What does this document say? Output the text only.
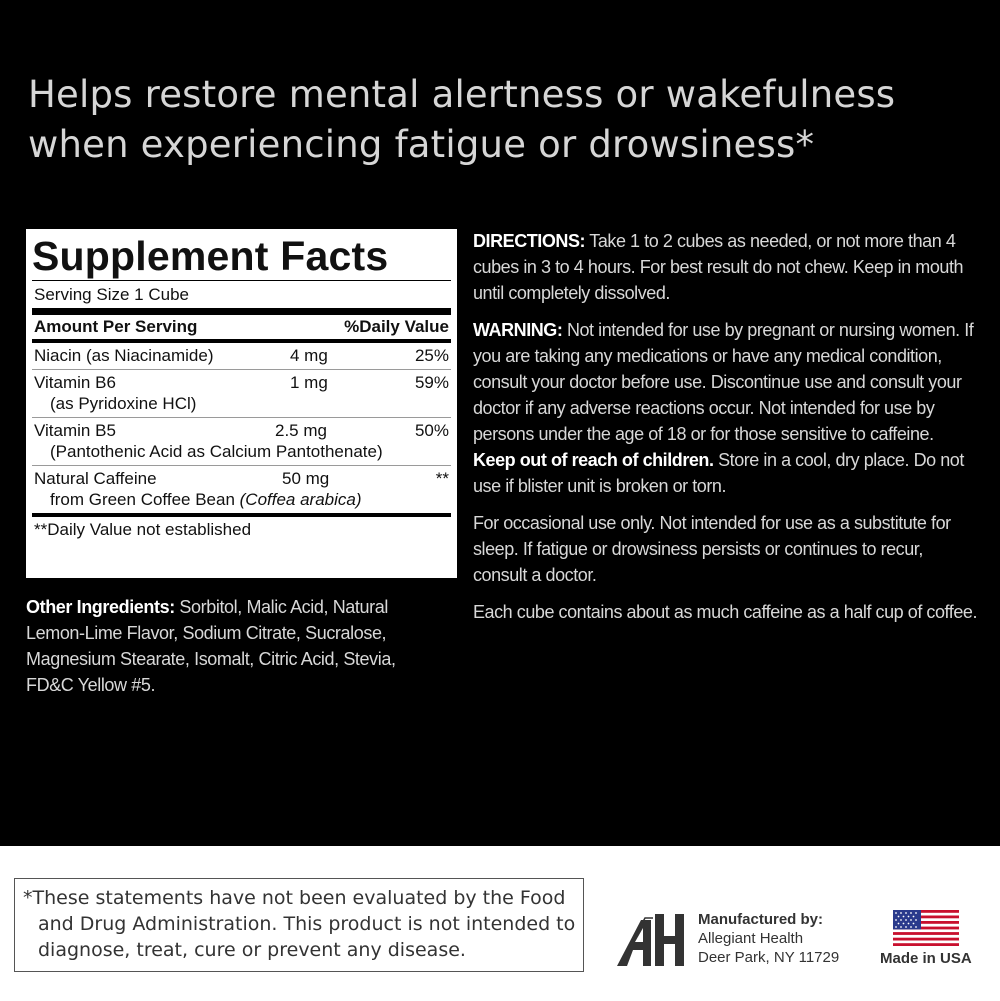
Helps restore mental alertness or wakefulness
when experiencing fatigue or drowsiness*
Supplement Facts
Serving Size 1 Cube
Amount Per Serving	%Daily Value
Niacin (as Niacinamide)	4 mg	25%
Vitamin B6
(as Pyridoxine HCl)
1 mg	59%
Vitamin B5
(Pantothenic Acid as Calcium Pantothenate)
2.5 mg	50%
Natural Caffeine
from Green Coffee Bean (Coffea arabica)
50 mg	**
**Daily Value not established
Other Ingredients: Sorbitol, Malic Acid, Natural Lemon-Lime Flavor, Sodium Citrate, Sucralose, Magnesium Stearate, Isomalt, Citric Acid, Stevia, FD&C Yellow #5.

DIRECTIONS: Take 1 to 2 cubes as needed, or not more than 4 cubes in 3 to 4 hours. For best result do not chew. Keep in mouth until completely dissolved.

WARNING: Not intended for use by pregnant or nursing women. If you are taking any medications or have any medical condition, consult your doctor before use. Discontinue use and consult your doctor if any adverse reactions occur. Not intended for use by persons under the age of 18 or for those sensitive to caffeine. Keep out of reach of children. Store in a cool, dry place. Do not use if blister unit is broken or torn.

For occasional use only. Not intended for use as a substitute for sleep. If fatigue or drowsiness persists or continues to recur, consult a doctor.

Each cube contains about as much caffeine as a half cup of coffee.

*These statements have not been evaluated by the Food
and Drug Administration. This product is not intended to
diagnose, treat, cure or prevent any disease.
Manufactured by:
Allegiant Health
Deer Park, NY 11729	Made in USA
